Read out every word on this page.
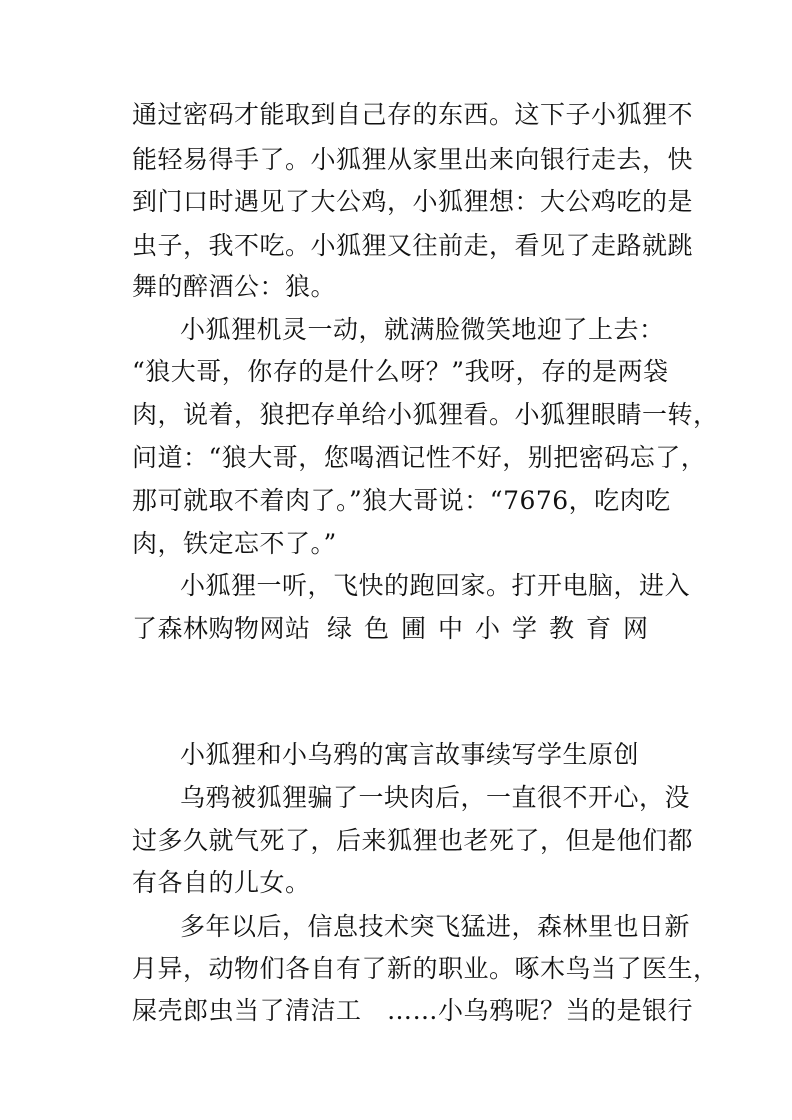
通过密码才能取到自己存的东西。这下子小狐狸不
能轻易得手了。小狐狸从家里出来向银行走去，快
到门口时遇见了大公鸡，小狐狸想：大公鸡吃的是
虫子，我不吃。小狐狸又往前走，看见了走路就跳
舞的醉酒公：狼。
小狐狸机灵一动，就满脸微笑地迎了上去：
“狼大哥，你存的是什么呀？”我呀，存的是两袋
肉，说着，狼把存单给小狐狸看。小狐狸眼睛一转，
问道：“狼大哥，您喝酒记性不好，别把密码忘了，
那可就取不着肉了。”狼大哥说：“7676，吃肉吃
肉，铁定忘不了。”
小狐狸一听，飞快的跑回家。打开电脑，进入
了森林购物网站 绿色圃中小学教育网
小狐狸和小乌鸦的寓言故事续写学生原创
乌鸦被狐狸骗了一块肉后，一直很不开心，没
过多久就气死了，后来狐狸也老死了，但是他们都
有各自的儿女。
多年以后，信息技术突飞猛进，森林里也日新
月异，动物们各自有了新的职业。啄木鸟当了医生，
屎壳郎虫当了清洁工　……小乌鸦呢？当的是银行
